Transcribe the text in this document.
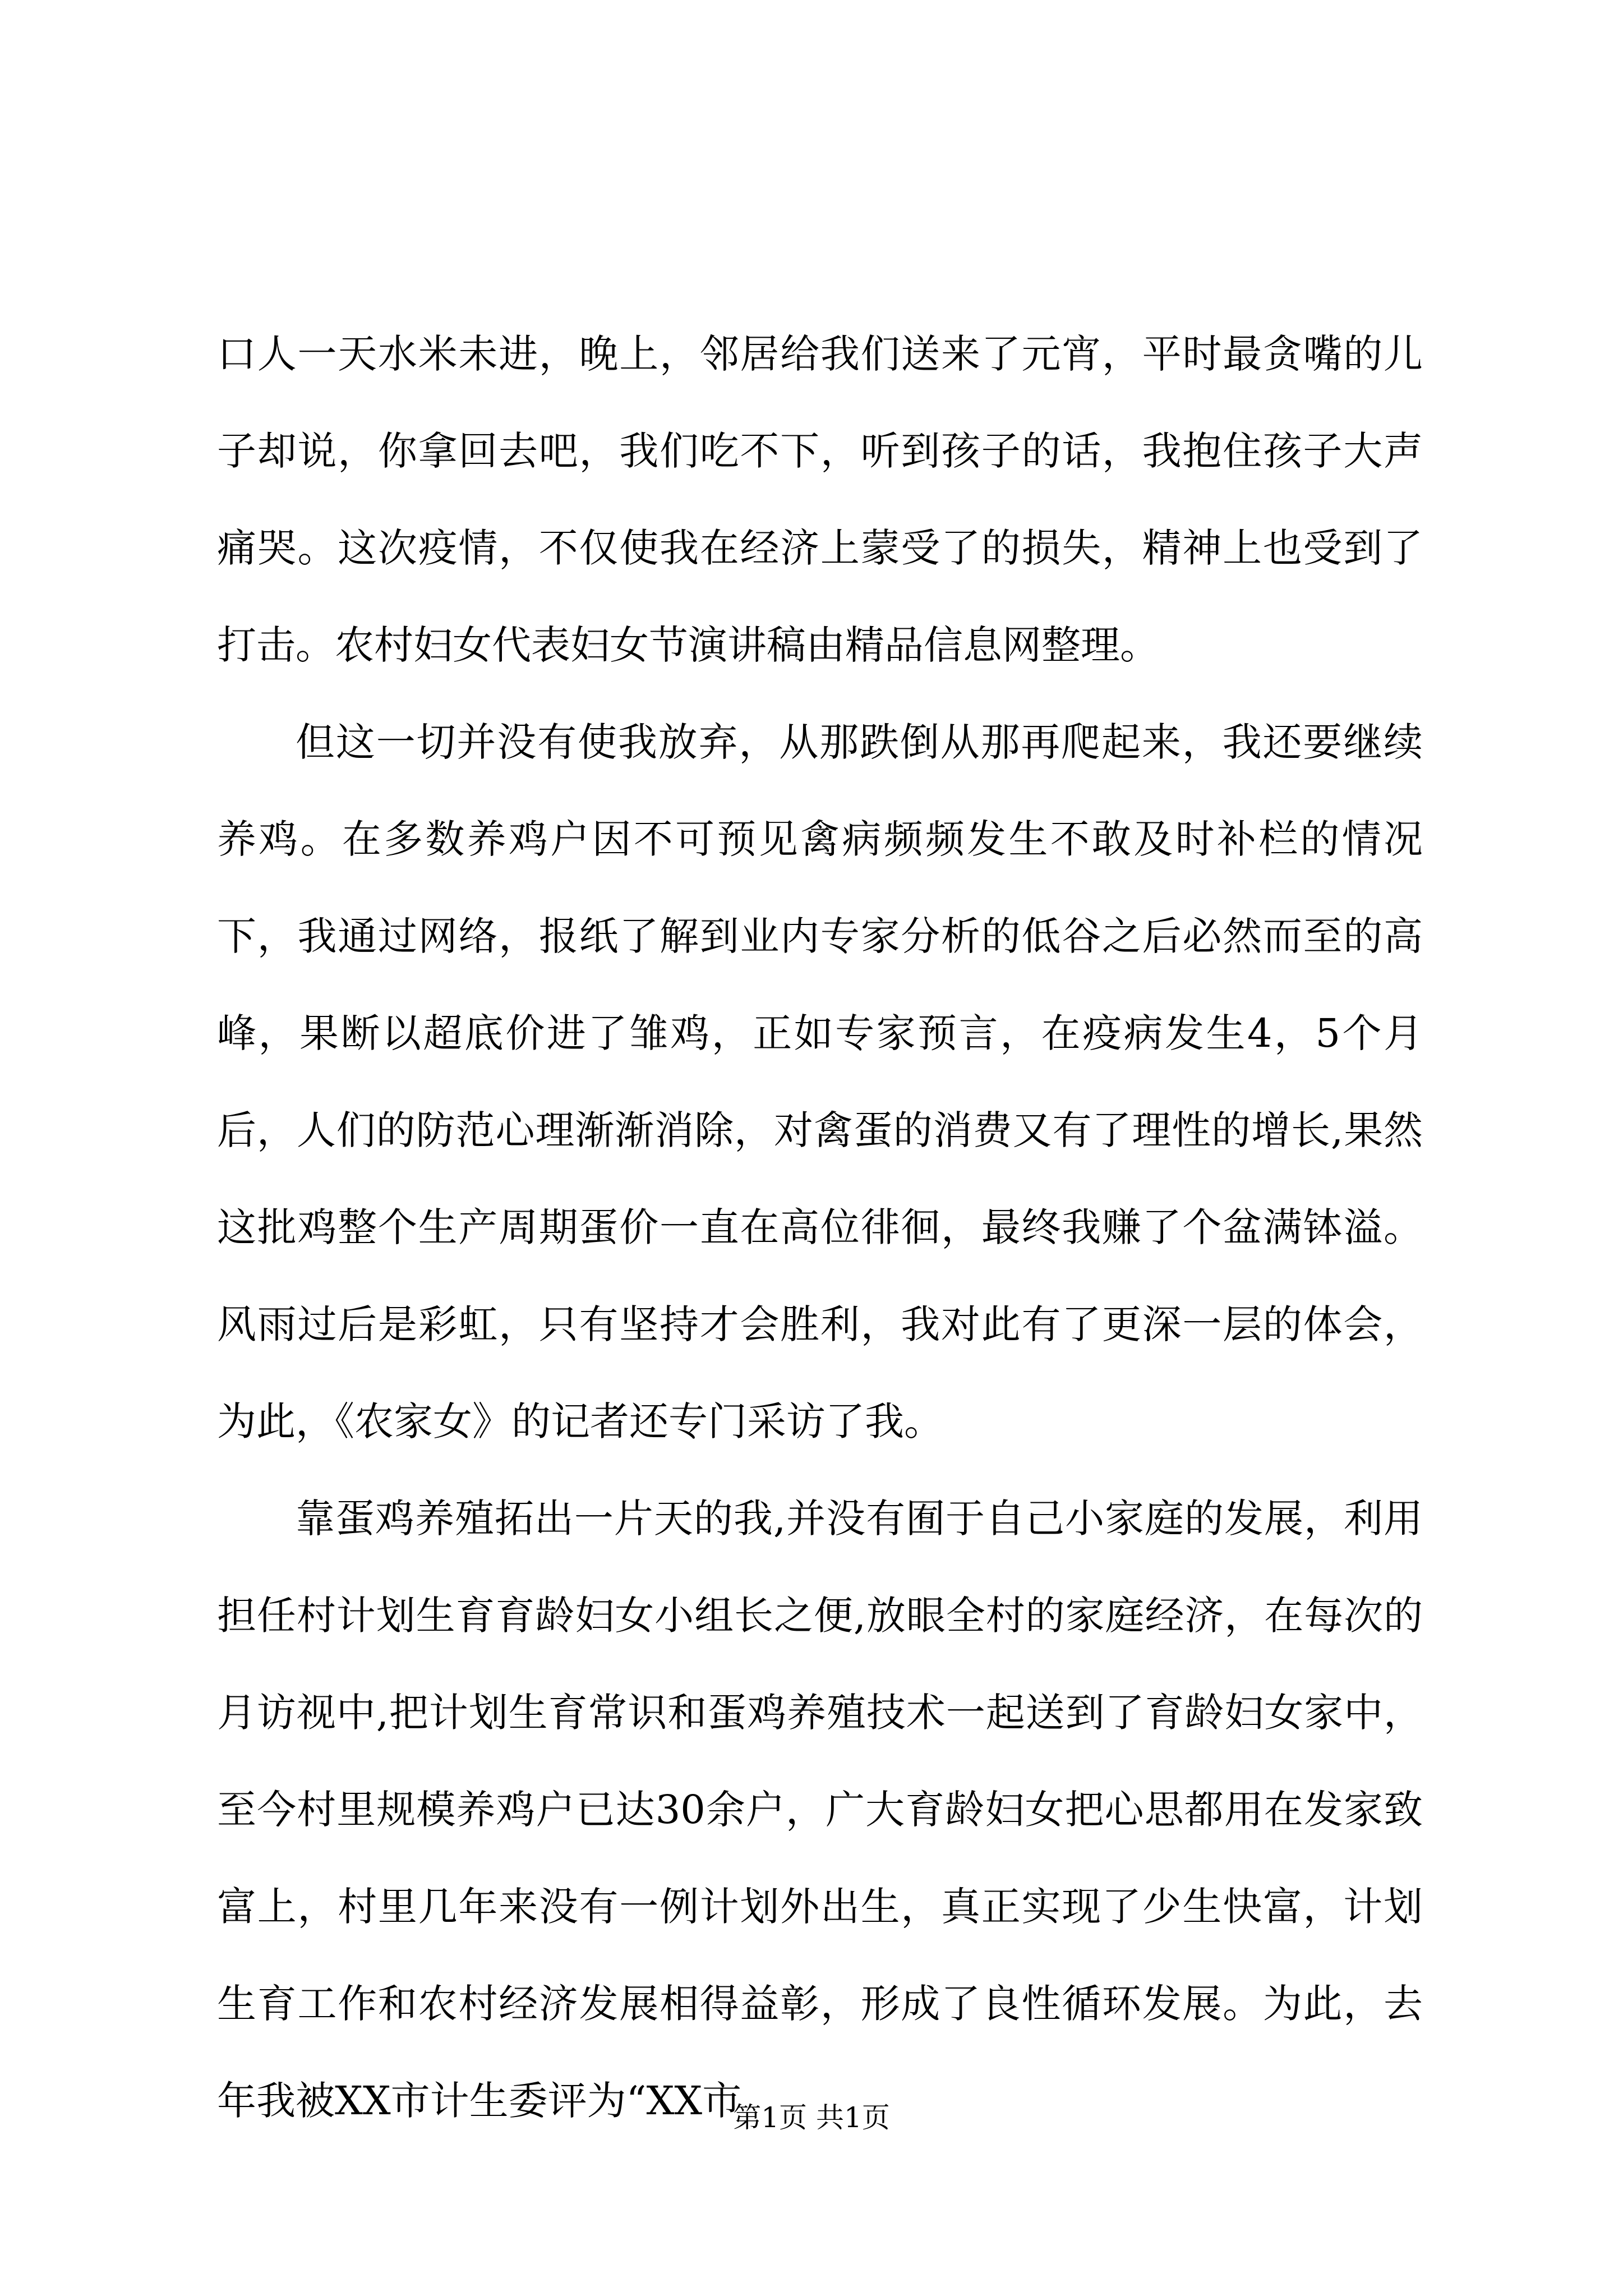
口人一天水米未进，晚上，邻居给我们送来了元宵，平时最贪嘴的儿子却说，你拿回去吧，我们吃不下，听到孩子的话，我抱住孩子大声痛哭。这次疫情，不仅使我在经济上蒙受了的损失，精神上也受到了打击。农村妇女代表妇女节演讲稿由精品信息网整理。

但这一切并没有使我放弃，从那跌倒从那再爬起来，我还要继续养鸡。在多数养鸡户因不可预见禽病频频发生不敢及时补栏的情况下，我通过网络，报纸了解到业内专家分析的低谷之后必然而至的高峰，果断以超底价进了雏鸡，正如专家预言，在疫病发生4，5个月后，人们的防范心理渐渐消除，对禽蛋的消费又有了理性的增长,果然这批鸡整个生产周期蛋价一直在高位徘徊，最终我赚了个盆满钵溢。风雨过后是彩虹，只有坚持才会胜利，我对此有了更深一层的体会，为此，《农家女》的记者还专门采访了我。

靠蛋鸡养殖拓出一片天的我,并没有囿于自己小家庭的发展，利用担任村计划生育育龄妇女小组长之便,放眼全村的家庭经济，在每次的月访视中,把计划生育常识和蛋鸡养殖技术一起送到了育龄妇女家中，至今村里规模养鸡户已达30余户，广大育龄妇女把心思都用在发家致富上，村里几年来没有一例计划外出生，真正实现了少生快富，计划生育工作和农村经济发展相得益彰，形成了良性循环发展。为此，去年我被XX市计生委评为“XX市

第1页 共1页
